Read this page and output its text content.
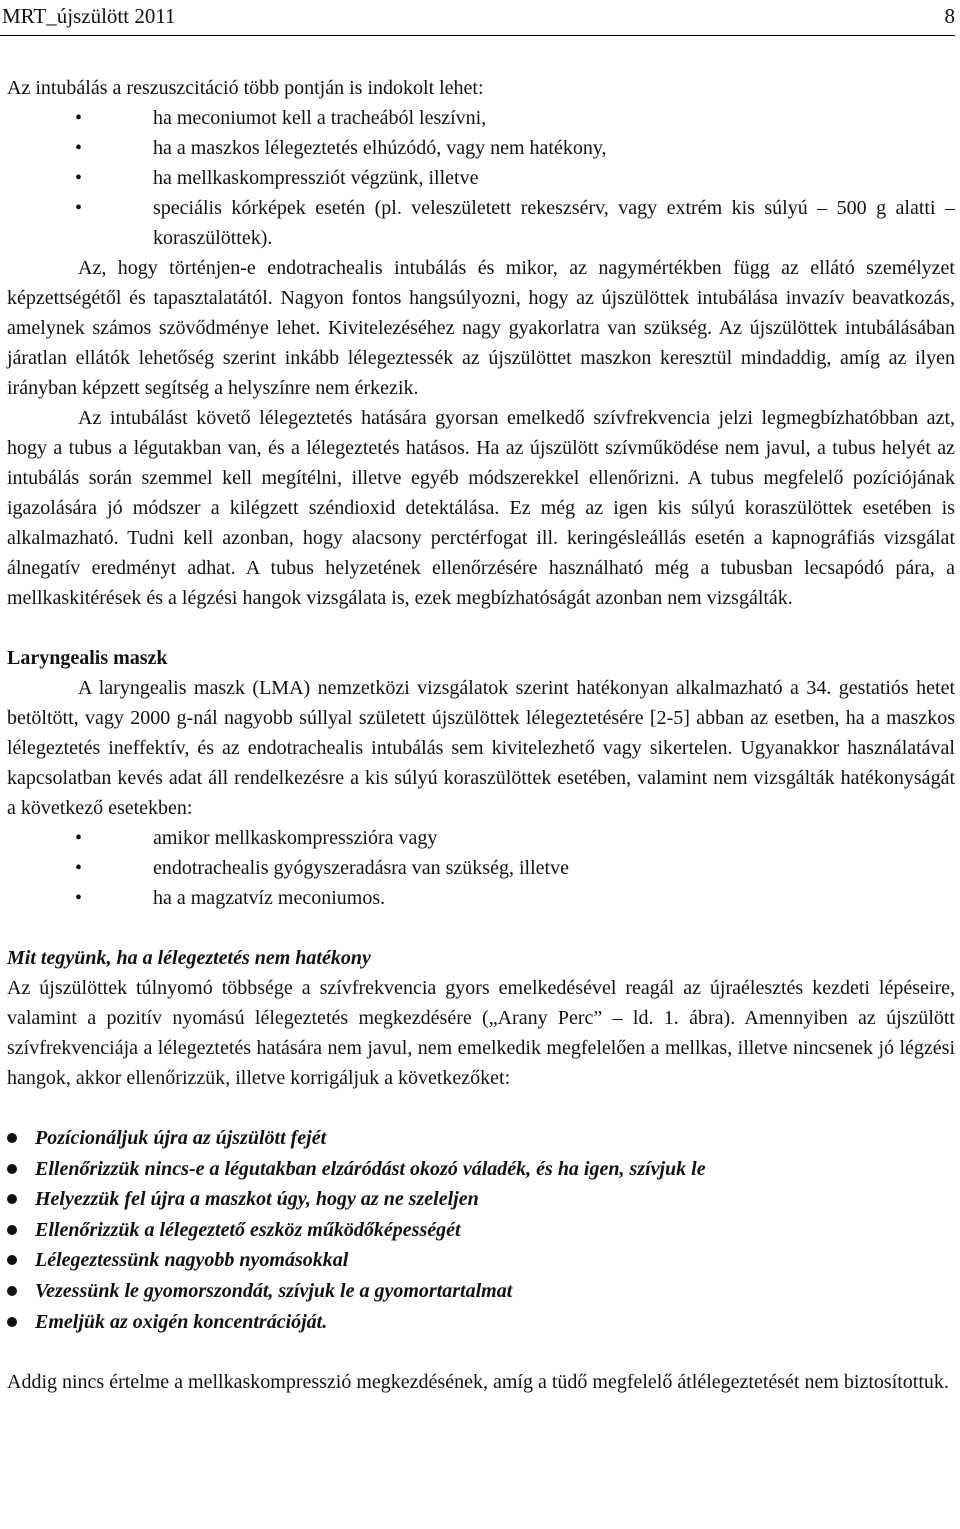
MRT_újszülött 2011	8

Az intubálás a reszuszcitáció több pontján is indokolt lehet:

•	ha meconiumot kell a tracheából leszívni,
•	ha a maszkos lélegeztetés elhúzódó, vagy nem hatékony,
•	ha mellkaskompressziót végzünk, illetve
•	speciális kórképek esetén (pl. veleszületett rekeszsérv, vagy extrém kis súlyú – 500 g alatti – koraszülöttek).

Az, hogy történjen-e endotrachealis intubálás és mikor, az nagymértékben függ az ellátó személyzet képzettségétől és tapasztalatától. Nagyon fontos hangsúlyozni, hogy az újszülöttek intubálása invazív beavatkozás, amelynek számos szövődménye lehet. Kivitelezéséhez nagy gyakorlatra van szükség. Az újszülöttek intubálásában járatlan ellátók lehetőség szerint inkább lélegeztessék az újszülöttet maszkon keresztül mindaddig, amíg az ilyen irányban képzett segítség a helyszínre nem érkezik.

Az intubálást követő lélegeztetés hatására gyorsan emelkedő szívfrekvencia jelzi legmegbízhatóbban azt, hogy a tubus a légutakban van, és a lélegeztetés hatásos. Ha az újszülött szívműködése nem javul, a tubus helyét az intubálás során szemmel kell megítélni, illetve egyéb módszerekkel ellenőrizni. A tubus megfelelő pozíciójának igazolására jó módszer a kilégzett széndioxid detektálása. Ez még az igen kis súlyú koraszülöttek esetében is alkalmazható. Tudni kell azonban, hogy alacsony perctérfogat ill. keringésleállás esetén a kapnográfiás vizsgálat álnegatív eredményt adhat. A tubus helyzetének ellenőrzésére használható még a tubusban lecsapódó pára, a mellkaskitérések és a légzési hangok vizsgálata is, ezek megbízhatóságát azonban nem vizsgálták.

Laryngealis maszk

A laryngealis maszk (LMA) nemzetközi vizsgálatok szerint hatékonyan alkalmazható a 34. gestatiós hetet betöltött, vagy 2000 g-nál nagyobb súllyal született újszülöttek lélegeztetésére [2-5] abban az esetben, ha a maszkos lélegeztetés ineffektív, és az endotrachealis intubálás sem kivitelezhető vagy sikertelen. Ugyanakkor használatával kapcsolatban kevés adat áll rendelkezésre a kis súlyú koraszülöttek esetében, valamint nem vizsgálták hatékonyságát a következő esetekben:

•	amikor mellkaskompresszióra vagy
•	endotrachealis gyógyszeradásra van szükség, illetve
•	ha a magzatvíz meconiumos.

Mit tegyünk, ha a lélegeztetés nem hatékony

Az újszülöttek túlnyomó többsége a szívfrekvencia gyors emelkedésével reagál az újraélesztés kezdeti lépéseire, valamint a pozitív nyomású lélegeztetés megkezdésére („Arany Perc” – ld. 1. ábra). Amennyiben az újszülött szívfrekvenciája a lélegeztetés hatására nem javul, nem emelkedik megfelelően a mellkas, illetve nincsenek jó légzési hangok, akkor ellenőrizzük, illetve korrigáljuk a következőket:

Pozícionáljuk újra az újszülött fejét
Ellenőrizzük nincs-e a légutakban elzáródást okozó váladék, és ha igen, szívjuk le
Helyezzük fel újra a maszkot úgy, hogy az ne szeleljen
Ellenőrizzük a lélegeztető eszköz működőképességét
Lélegeztessünk nagyobb nyomásokkal
Vezessünk le gyomorszondát, szívjuk le a gyomortartalmat
Emeljük az oxigén koncentrációját.

Addig nincs értelme a mellkaskompresszió megkezdésének, amíg a tüdő megfelelő átlélegeztetését nem biztosítottuk.
